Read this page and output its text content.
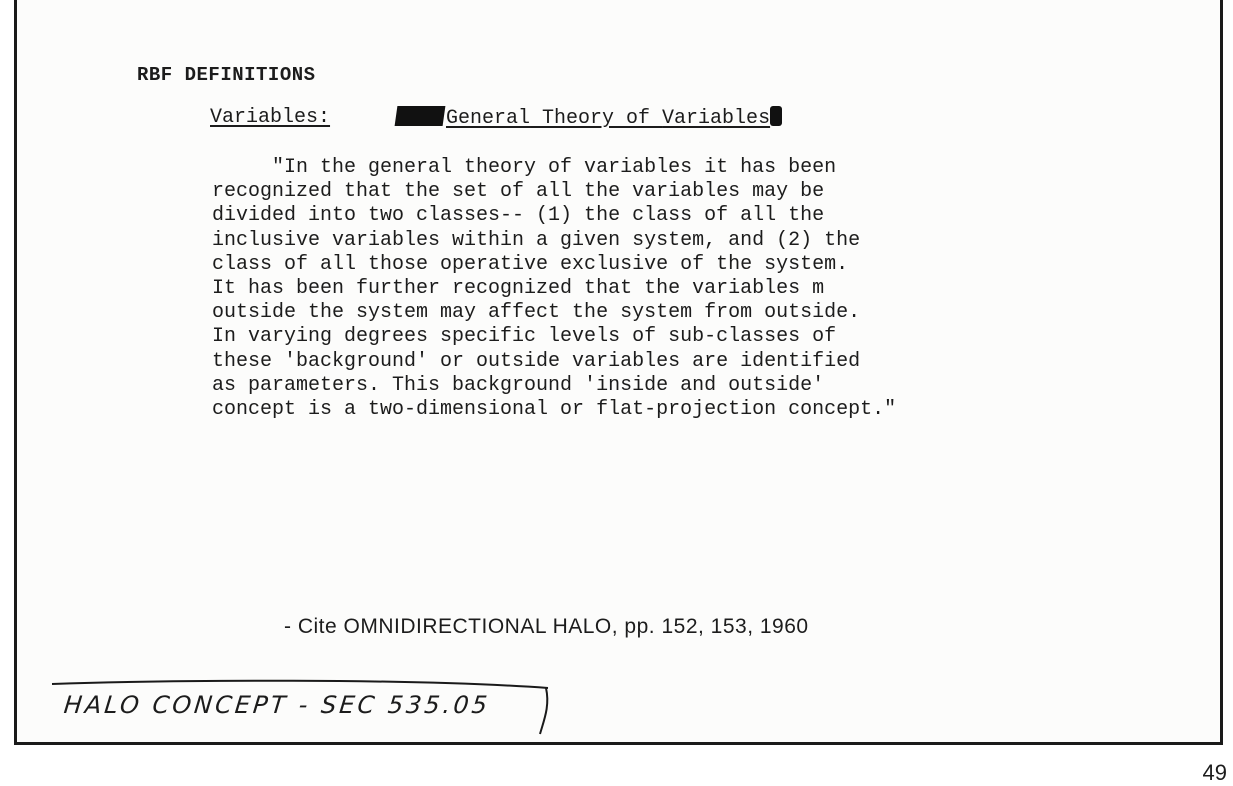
RBF DEFINITIONS
Variables:	General Theory of Variables
"In the general theory of variables it has been
recognized that the set of all the variables may be
divided into two classes-- (1) the class of all the
inclusive variables within a given system, and (2) the
class of all those operative exclusive of the system.
It has been further recognized that the variables m
outside the system may affect the system from outside.
In varying degrees specific levels of sub-classes of
these 'background' or outside variables are identified
as parameters. This background 'inside and outside'
concept is a two-dimensional or flat-projection concept."
- Cite OMNIDIRECTIONAL HALO, pp. 152, 153, 1960
HALO CONCEPT - SEC 535.05
49
